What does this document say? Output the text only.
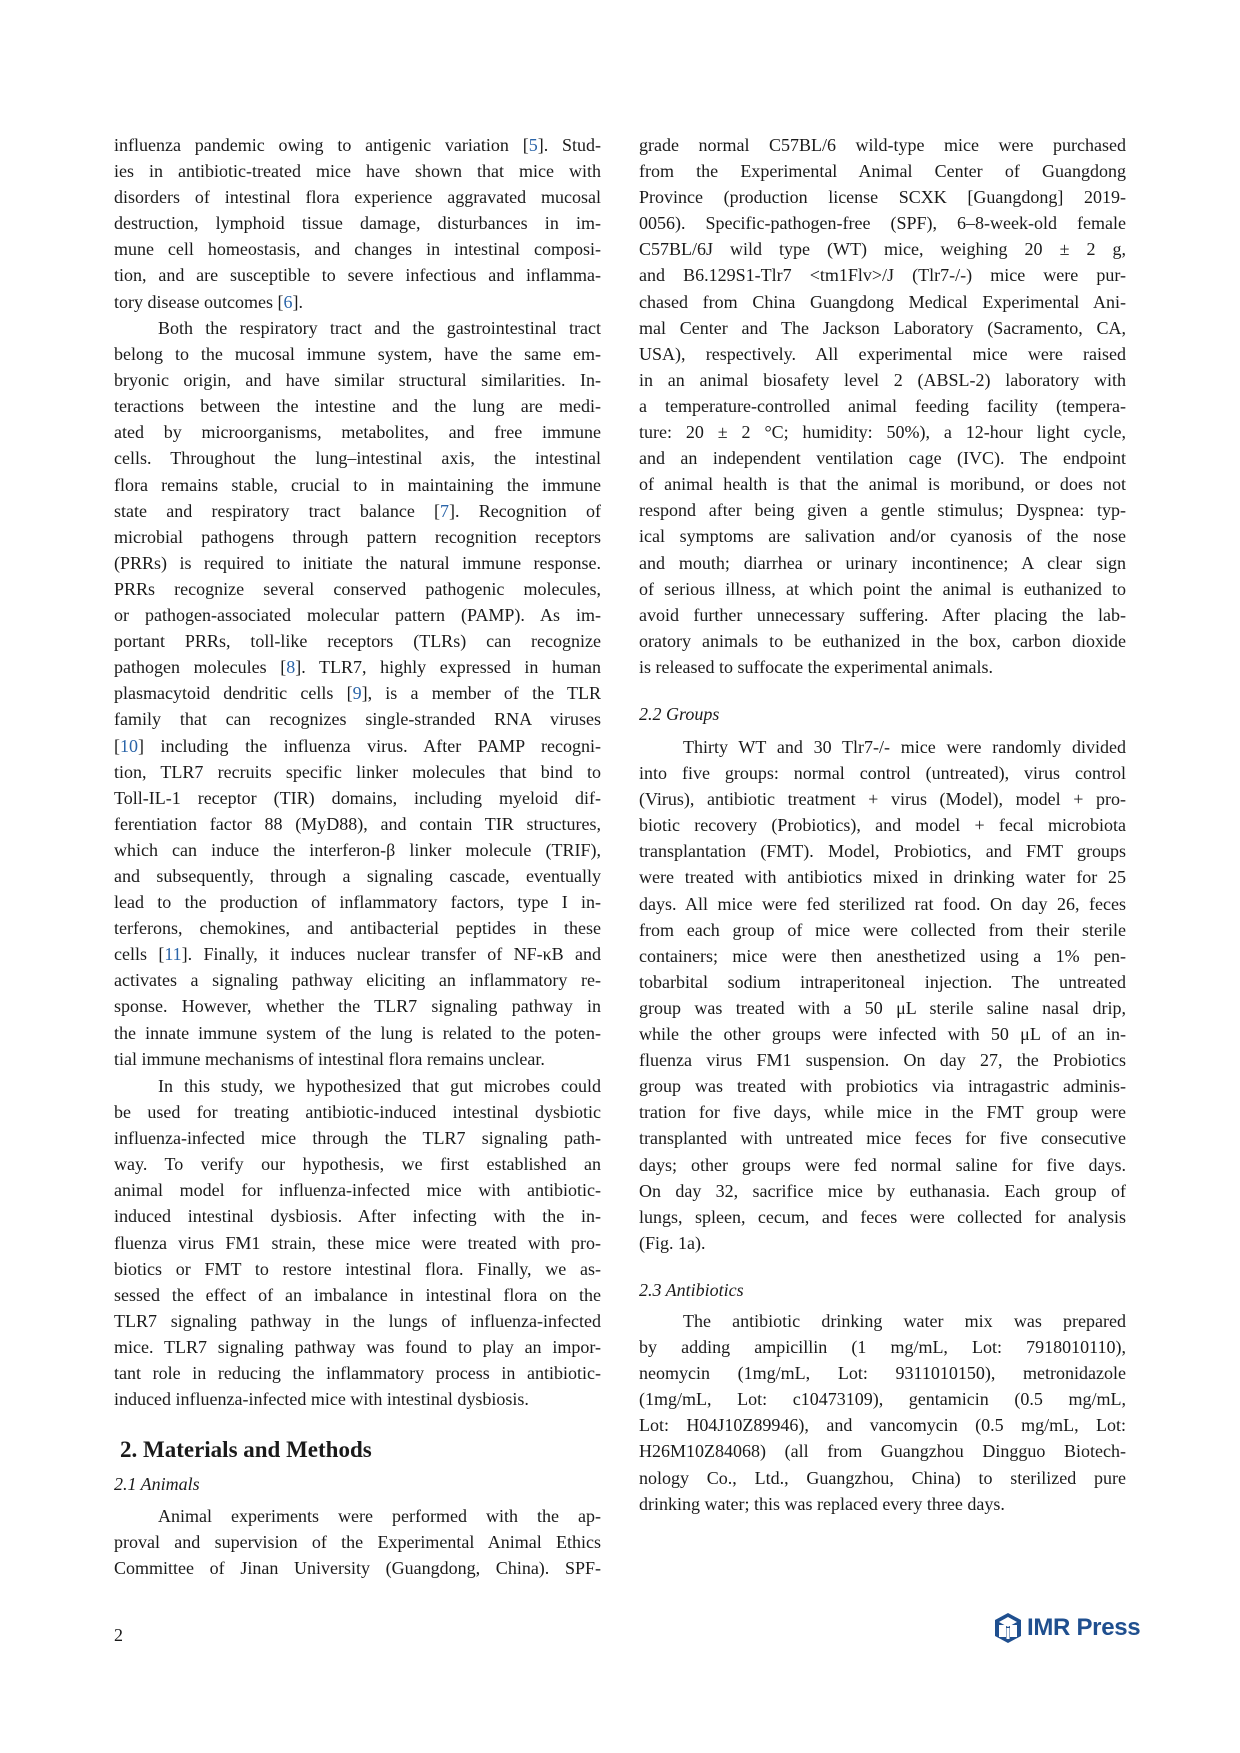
influenza pandemic owing to antigenic variation [5]. Stud-
ies in antibiotic-treated mice have shown that mice with
disorders of intestinal flora experience aggravated mucosal
destruction, lymphoid tissue damage, disturbances in im-
mune cell homeostasis, and changes in intestinal composi-
tion, and are susceptible to severe infectious and inflamma-
tory disease outcomes [6].
Both the respiratory tract and the gastrointestinal tract
belong to the mucosal immune system, have the same em-
bryonic origin, and have similar structural similarities. In-
teractions between the intestine and the lung are medi-
ated by microorganisms, metabolites, and free immune
cells. Throughout the lung–intestinal axis, the intestinal
flora remains stable, crucial to in maintaining the immune
state and respiratory tract balance [7]. Recognition of
microbial pathogens through pattern recognition receptors
(PRRs) is required to initiate the natural immune response.
PRRs recognize several conserved pathogenic molecules,
or pathogen-associated molecular pattern (PAMP). As im-
portant PRRs, toll-like receptors (TLRs) can recognize
pathogen molecules [8]. TLR7, highly expressed in human
plasmacytoid dendritic cells [9], is a member of the TLR
family that can recognizes single-stranded RNA viruses
[10] including the influenza virus. After PAMP recogni-
tion, TLR7 recruits specific linker molecules that bind to
Toll-IL-1 receptor (TIR) domains, including myeloid dif-
ferentiation factor 88 (MyD88), and contain TIR structures,
which can induce the interferon-β linker molecule (TRIF),
and subsequently, through a signaling cascade, eventually
lead to the production of inflammatory factors, type I in-
terferons, chemokines, and antibacterial peptides in these
cells [11]. Finally, it induces nuclear transfer of NF-κB and
activates a signaling pathway eliciting an inflammatory re-
sponse. However, whether the TLR7 signaling pathway in
the innate immune system of the lung is related to the poten-
tial immune mechanisms of intestinal flora remains unclear.
In this study, we hypothesized that gut microbes could
be used for treating antibiotic-induced intestinal dysbiotic
influenza-infected mice through the TLR7 signaling path-
way. To verify our hypothesis, we first established an
animal model for influenza-infected mice with antibiotic-
induced intestinal dysbiosis. After infecting with the in-
fluenza virus FM1 strain, these mice were treated with pro-
biotics or FMT to restore intestinal flora. Finally, we as-
sessed the effect of an imbalance in intestinal flora on the
TLR7 signaling pathway in the lungs of influenza-infected
mice. TLR7 signaling pathway was found to play an impor-
tant role in reducing the inflammatory process in antibiotic-
induced influenza-infected mice with intestinal dysbiosis.
2. Materials and Methods
2.1 Animals
Animal experiments were performed with the ap-
proval and supervision of the Experimental Animal Ethics
Committee of Jinan University (Guangdong, China). SPF-
grade normal C57BL/6 wild-type mice were purchased
from the Experimental Animal Center of Guangdong
Province (production license SCXK [Guangdong] 2019-
0056). Specific-pathogen-free (SPF), 6–8-week-old female
C57BL/6J wild type (WT) mice, weighing 20 ± 2 g,
and B6.129S1-Tlr7 <tm1Flv>/J (Tlr7-/-) mice were pur-
chased from China Guangdong Medical Experimental Ani-
mal Center and The Jackson Laboratory (Sacramento, CA,
USA), respectively. All experimental mice were raised
in an animal biosafety level 2 (ABSL-2) laboratory with
a temperature-controlled animal feeding facility (tempera-
ture: 20 ± 2 °C; humidity: 50%), a 12-hour light cycle,
and an independent ventilation cage (IVC). The endpoint
of animal health is that the animal is moribund, or does not
respond after being given a gentle stimulus; Dyspnea: typ-
ical symptoms are salivation and/or cyanosis of the nose
and mouth; diarrhea or urinary incontinence; A clear sign
of serious illness, at which point the animal is euthanized to
avoid further unnecessary suffering. After placing the lab-
oratory animals to be euthanized in the box, carbon dioxide
is released to suffocate the experimental animals.
2.2 Groups
Thirty WT and 30 Tlr7-/- mice were randomly divided
into five groups: normal control (untreated), virus control
(Virus), antibiotic treatment + virus (Model), model + pro-
biotic recovery (Probiotics), and model + fecal microbiota
transplantation (FMT). Model, Probiotics, and FMT groups
were treated with antibiotics mixed in drinking water for 25
days. All mice were fed sterilized rat food. On day 26, feces
from each group of mice were collected from their sterile
containers; mice were then anesthetized using a 1% pen-
tobarbital sodium intraperitoneal injection. The untreated
group was treated with a 50 μL sterile saline nasal drip,
while the other groups were infected with 50 μL of an in-
fluenza virus FM1 suspension. On day 27, the Probiotics
group was treated with probiotics via intragastric adminis-
tration for five days, while mice in the FMT group were
transplanted with untreated mice feces for five consecutive
days; other groups were fed normal saline for five days.
On day 32, sacrifice mice by euthanasia. Each group of
lungs, spleen, cecum, and feces were collected for analysis
(Fig. 1a).
2.3 Antibiotics
The antibiotic drinking water mix was prepared
by adding ampicillin (1 mg/mL, Lot: 7918010110),
neomycin (1mg/mL, Lot: 9311010150), metronidazole
(1mg/mL, Lot: c10473109), gentamicin (0.5 mg/mL,
Lot: H04J10Z89946), and vancomycin (0.5 mg/mL, Lot:
H26M10Z84068) (all from Guangzhou Dingguo Biotech-
nology Co., Ltd., Guangzhou, China) to sterilized pure
drinking water; this was replaced every three days.
2	IMR Press
